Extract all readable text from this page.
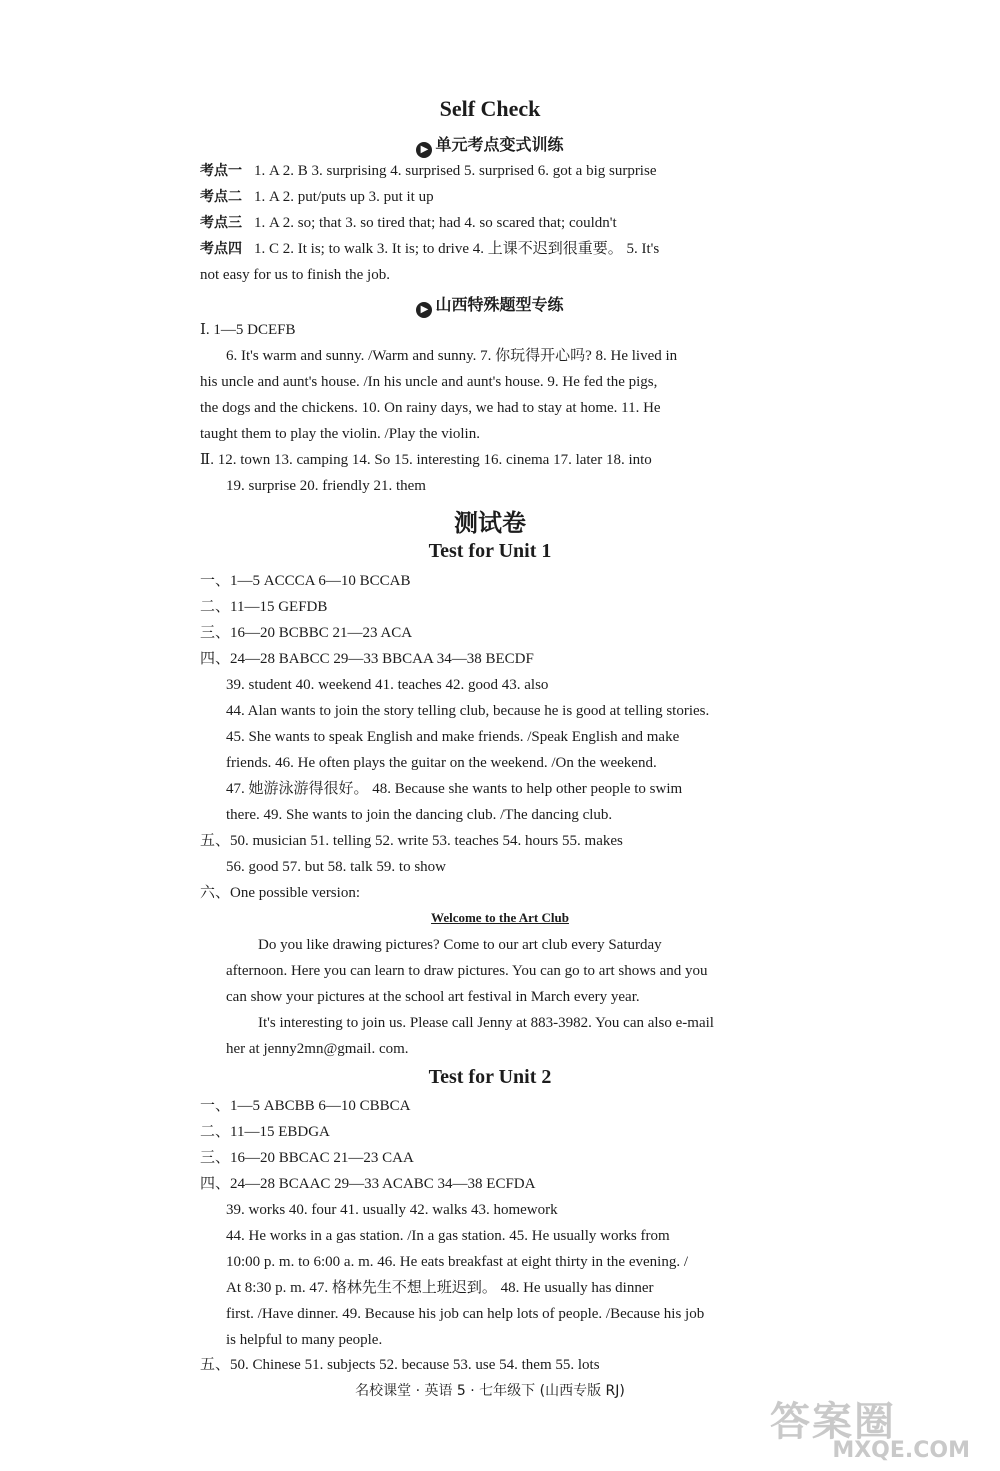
Self Check
▶ 单元考点变式训练
考点一 1. A 2. B 3. surprising 4. surprised 5. surprised 6. got a big surprise
考点二 1. A 2. put/puts up 3. put it up
考点三 1. A 2. so; that 3. so tired that; had 4. so scared that; couldn't
考点四 1. C 2. It is; to walk 3. It is; to drive 4. 上课不迟到很重要。 5. It's
not easy for us to finish the job.
▶ 山西特殊题型专练
Ⅰ. 1—5 DCEFB
6. It's warm and sunny. /Warm and sunny. 7. 你玩得开心吗? 8. He lived in
his uncle and aunt's house. /In his uncle and aunt's house. 9. He fed the pigs,
the dogs and the chickens. 10. On rainy days, we had to stay at home. 11. He
taught them to play the violin. /Play the violin.
Ⅱ. 12. town 13. camping 14. So 15. interesting 16. cinema 17. later 18. into
19. surprise 20. friendly 21. them
测试卷
Test for Unit 1
一、1—5 ACCCA 6—10 BCCAB
二、11—15 GEFDB
三、16—20 BCBBC 21—23 ACA
四、24—28 BABCC 29—33 BBCAA 34—38 BECDF
39. student 40. weekend 41. teaches 42. good 43. also
44. Alan wants to join the story telling club, because he is good at telling stories.
45. She wants to speak English and make friends. /Speak English and make
friends. 46. He often plays the guitar on the weekend. /On the weekend.
47. 她游泳游得很好。 48. Because she wants to help other people to swim
there. 49. She wants to join the dancing club. /The dancing club.
五、50. musician 51. telling 52. write 53. teaches 54. hours 55. makes
56. good 57. but 58. talk 59. to show
六、One possible version:
Welcome to the Art Club
Do you like drawing pictures? Come to our art club every Saturday
afternoon. Here you can learn to draw pictures. You can go to art shows and you
can show your pictures at the school art festival in March every year.
It's interesting to join us. Please call Jenny at 883-3982. You can also e-mail
her at jenny2mn@gmail. com.
Test for Unit 2
一、1—5 ABCBB 6—10 CBBCA
二、11—15 EBDGA
三、16—20 BBCAC 21—23 CAA
四、24—28 BCAAC 29—33 ACABC 34—38 ECFDA
39. works 40. four 41. usually 42. walks 43. homework
44. He works in a gas station. /In a gas station. 45. He usually works from
10:00 p. m. to 6:00 a. m. 46. He eats breakfast at eight thirty in the evening. /
At 8:30 p. m. 47. 格林先生不想上班迟到。 48. He usually has dinner
first. /Have dinner. 49. Because his job can help lots of people. /Because his job
is helpful to many people.
五、50. Chinese 51. subjects 52. because 53. use 54. them 55. lots
名校课堂 · 英语 5 · 七年级下 (山西专版 RJ)
答案圈
MXQE.COM
